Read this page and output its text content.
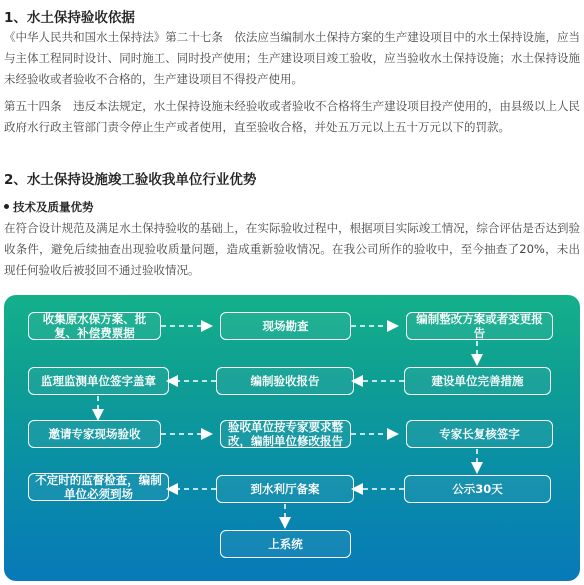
1、水土保持验收依据
《中华人民共和国水土保持法》第二十七条　依法应当编制水土保持方案的生产建设项目中的水土保持设施，应当与主体工程同时设计、同时施工、同时投产使用；生产建设项目竣工验收，应当验收水土保持设施；水土保持设施未经验收或者验收不合格的，生产建设项目不得投产使用。
第五十四条　违反本法规定，水土保持设施未经验收或者验收不合格将生产建设项目投产使用的，由县级以上人民政府水行政主管部门责令停止生产或者使用，直至验收合格，并处五万元以上五十万元以下的罚款。
2、水土保持设施竣工验收我单位行业优势
技术及质量优势
在符合设计规范及满足水土保持验收的基础上，在实际验收过程中，根据项目实际竣工情况，综合评估是否达到验收条件，避免后续抽查出现验收质量问题，造成重新验收情况。在我公司所作的验收中，至今抽查了20%，未出现任何验收后被驳回不通过验收情况。
收集原水保方案、批复、补偿费票据	现场勘查	编制整改方案或者变更报告
监理监测单位签字盖章	编制验收报告	建设单位完善措施
邀请专家现场验收	验收单位按专家要求整改，编制单位修改报告	专家长复核签字
不定时的监督检查，编制单位必须到场	到水利厅备案	公示30天
上系统
